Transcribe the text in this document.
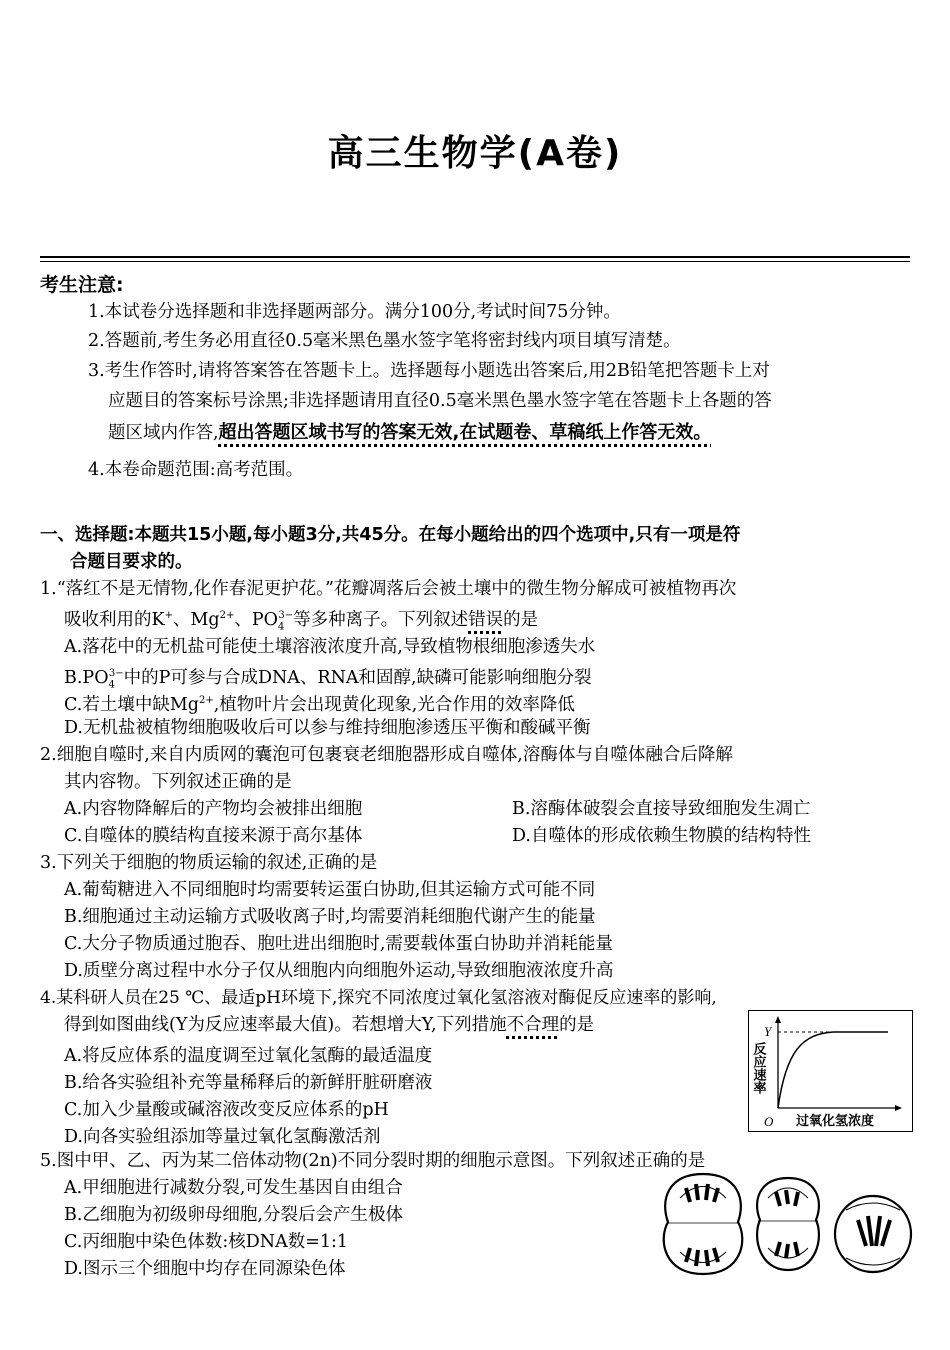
高三生物学(A卷)
考生注意:
1.本试卷分选择题和非选择题两部分。满分100分,考试时间75分钟。
2.答题前,考生务必用直径0.5毫米黑色墨水签字笔将密封线内项目填写清楚。
3.考生作答时,请将答案答在答题卡上。选择题每小题选出答案后,用2B铅笔把答题卡上对
应题目的答案标号涂黑;非选择题请用直径0.5毫米黑色墨水签字笔在答题卡上各题的答
题区域内作答,超出答题区域书写的答案无效,在试题卷、草稿纸上作答无效。
4.本卷命题范围:高考范围。
一、选择题:本题共15小题,每小题3分,共45分。在每小题给出的四个选项中,只有一项是符
合题目要求的。
1.“落红不是无情物,化作春泥更护花。”花瓣凋落后会被土壤中的微生物分解成可被植物再次
吸收利用的K+、$Mg^{2+}$、$PO_4^{3-}$等多种离子。下列叙述错误的是
A.落花中的无机盐可能使土壤溶液浓度升高,导致植物根细胞渗透失水
$B.PO_4^{3-}$中的P可参与合成DNA、RNA和固醇,缺磷可能影响细胞分裂
C.若土壤中缺$Mg^{2+}$,植物叶片会出现黄化现象,光合作用的效率降低
D.无机盐被植物细胞吸收后可以参与维持细胞渗透压平衡和酸碱平衡
2.细胞自噬时,来自内质网的囊泡可包裹衰老细胞器形成自噬体,溶酶体与自噬体融合后降解
其内容物。下列叙述正确的是
A.内容物降解后的产物均会被排出细胞	B.溶酶体破裂会直接导致细胞发生凋亡
C.自噬体的膜结构直接来源于高尔基体	D.自噬体的形成依赖生物膜的结构特性
3.下列关于细胞的物质运输的叙述,正确的是
A.葡萄糖进入不同细胞时均需要转运蛋白协助,但其运输方式可能不同
B.细胞通过主动运输方式吸收离子时,均需要消耗细胞代谢产生的能量
C.大分子物质通过胞吞、胞吐进出细胞时,需要载体蛋白协助并消耗能量
D.质壁分离过程中水分子仅从细胞内向细胞外运动,导致细胞液浓度升高
4.某科研人员在25 ℃、最适pH环境下,探究不同浓度过氧化氢溶液对酶促反应速率的影响,
得到如图曲线(Y为反应速率最大值)。若想增大Y,下列措施不合理的是
A.将反应体系的温度调至过氧化氢酶的最适温度
B.给各实验组补充等量稀释后的新鲜肝脏研磨液
C.加入少量酸或碱溶液改变反应体系的pH
D.向各实验组添加等量过氧化氢酶激活剂
Y
O 过氧化氢浓度
反应速率
5.图中甲、乙、丙为某二倍体动物(2n)不同分裂时期的细胞示意图。下列叙述正确的是
A.甲细胞进行减数分裂,可发生基因自由组合
B.乙细胞为初级卵母细胞,分裂后会产生极体
C.丙细胞中染色体数:核DNA数=1:1
D.图示三个细胞中均存在同源染色体
